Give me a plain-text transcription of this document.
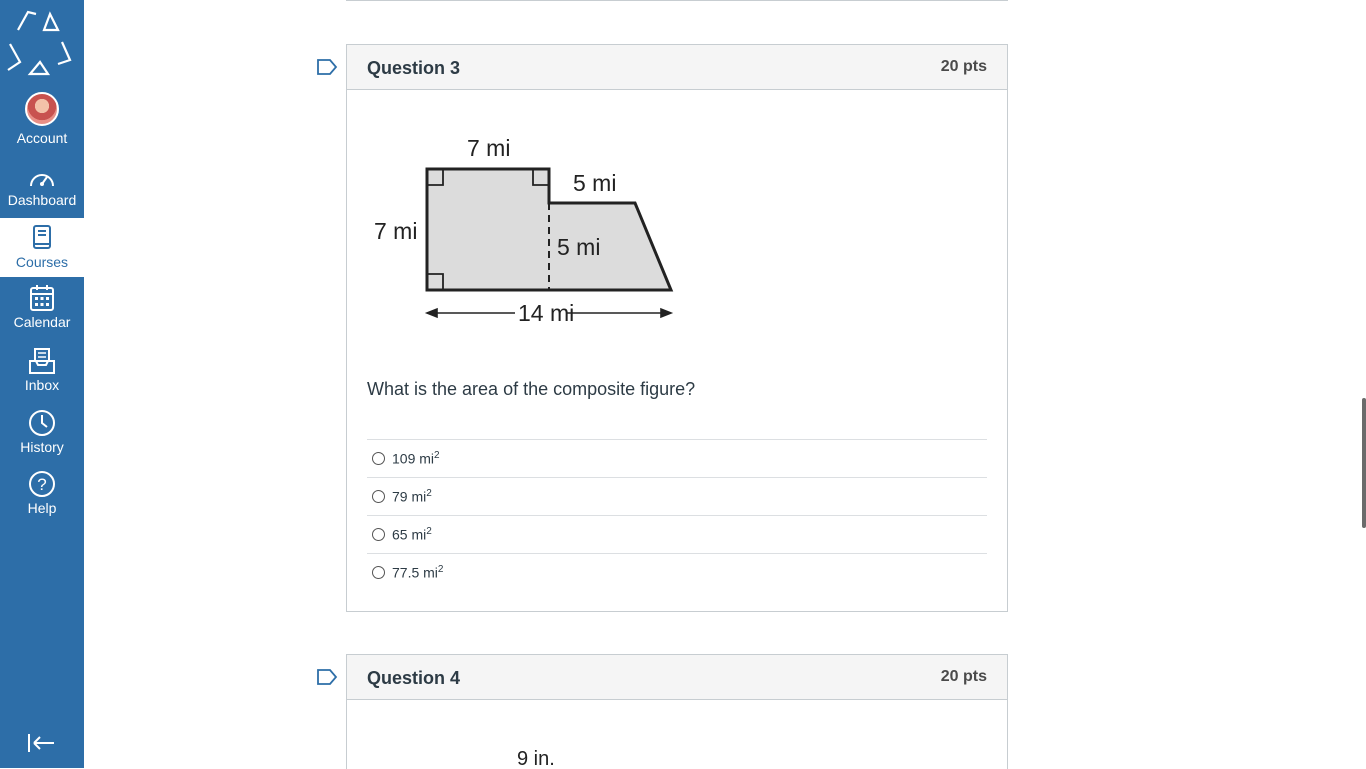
Account
Dashboard
Courses
Calendar
Inbox
History
?
Help
Question 3	20 pts
7 mi
7 mi
5 mi
5 mi
14 mi
What is the area of the composite figure?
109 $mi^2$
79 $mi^2$
65 $mi^2$
77.5 $mi^2$
Question 4	20 pts
9 in.
